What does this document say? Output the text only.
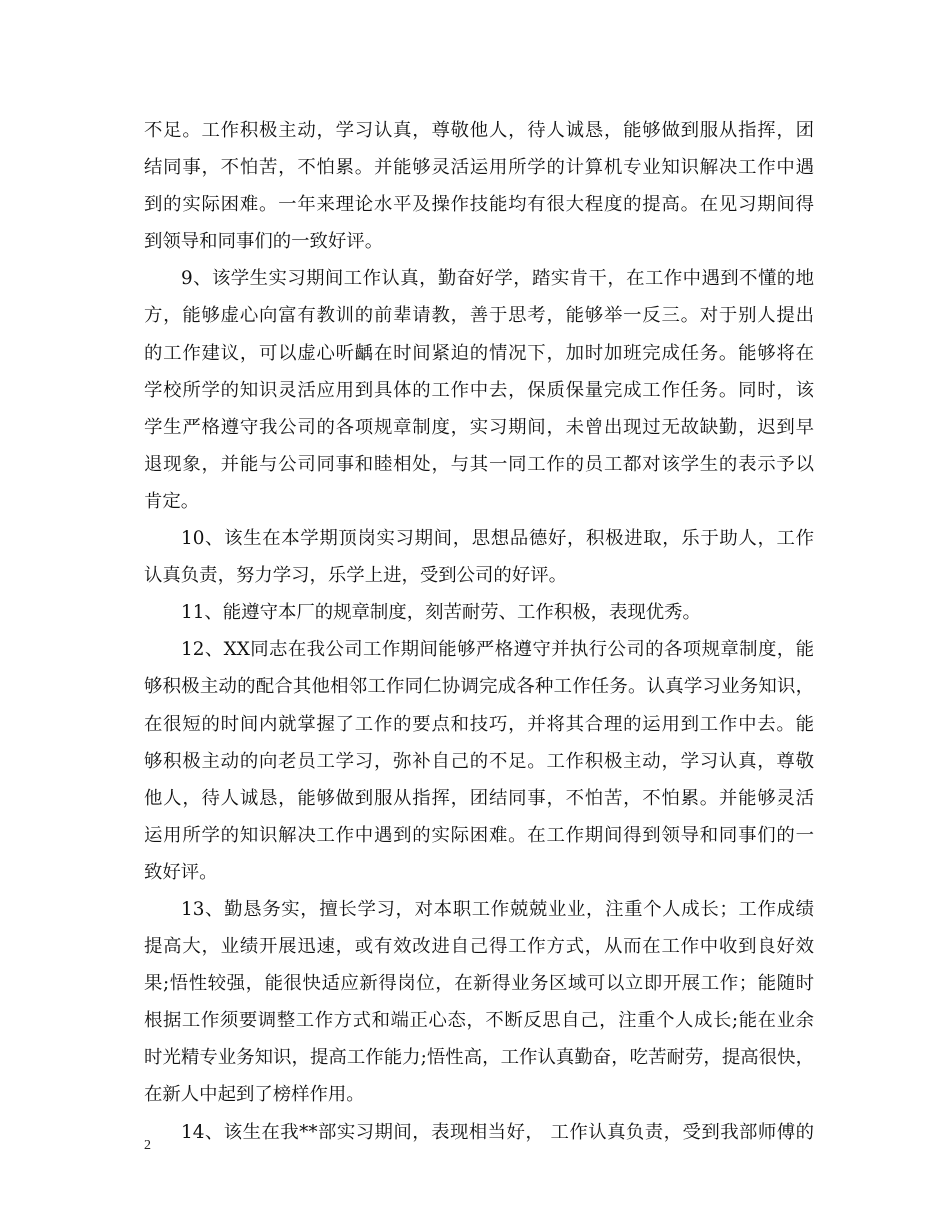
不足。工作积极主动，学习认真，尊敬他人，待人诚恳，能够做到服从指挥，团
结同事，不怕苦，不怕累。并能够灵活运用所学的计算机专业知识解决工作中遇
到的实际困难。一年来理论水平及操作技能均有很大程度的提高。在见习期间得
到领导和同事们的一致好评。
9、该学生实习期间工作认真，勤奋好学，踏实肯干，在工作中遇到不懂的地
方，能够虚心向富有教训的前辈请教，善于思考，能够举一反三。对于别人提出
的工作建议，可以虚心听齲在时间紧迫的情况下，加时加班完成任务。能够将在
学校所学的知识灵活应用到具体的工作中去，保质保量完成工作任务。同时，该
学生严格遵守我公司的各项规章制度，实习期间，未曾出现过无故缺勤，迟到早
退现象，并能与公司同事和睦相处，与其一同工作的员工都对该学生的表示予以
肯定。
10、该生在本学期顶岗实习期间，思想品德好，积极进取，乐于助人，工作
认真负责，努力学习，乐学上进，受到公司的好评。
11、能遵守本厂的规章制度，刻苦耐劳、工作积极，表现优秀。
12、XX同志在我公司工作期间能够严格遵守并执行公司的各项规章制度，能
够积极主动的配合其他相邻工作同仁协调完成各种工作任务。认真学习业务知识，
在很短的时间内就掌握了工作的要点和技巧，并将其合理的运用到工作中去。能
够积极主动的向老员工学习，弥补自己的不足。工作积极主动，学习认真，尊敬
他人，待人诚恳，能够做到服从指挥，团结同事，不怕苦，不怕累。并能够灵活
运用所学的知识解决工作中遇到的实际困难。在工作期间得到领导和同事们的一
致好评。
13、勤恳务实，擅长学习，对本职工作兢兢业业，注重个人成长；工作成绩
提高大，业绩开展迅速，或有效改进自己得工作方式，从而在工作中收到良好效
果;悟性较强，能很快适应新得岗位，在新得业务区域可以立即开展工作；能随时
根据工作须要调整工作方式和端正心态，不断反思自己，注重个人成长;能在业余
时光精专业务知识，提高工作能力;悟性高，工作认真勤奋，吃苦耐劳，提高很快，
在新人中起到了榜样作用。
14、该生在我**部实习期间，表现相当好， 工作认真负责，受到我部师傅的
2
